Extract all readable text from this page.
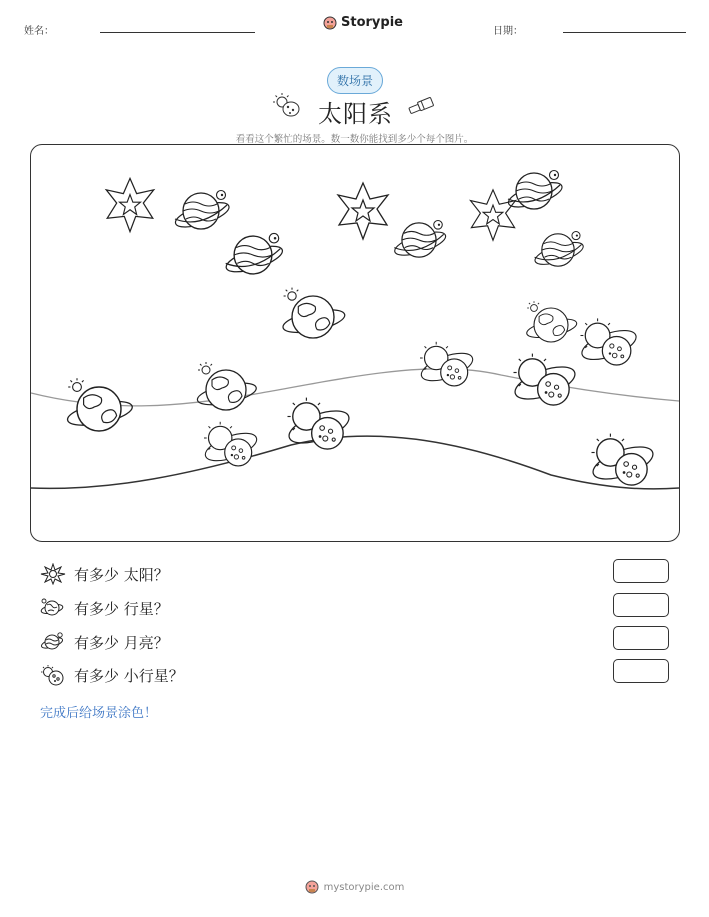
姓名：
Storypie
日期：
数场景
太阳系
看看这个繁忙的场景。数一数你能找到多少个每个图片。
有多少 太阳？
有多少 行星？
有多少 月亮？
有多少 小行星？
完成后给场景涂色！
mystorypie.com
